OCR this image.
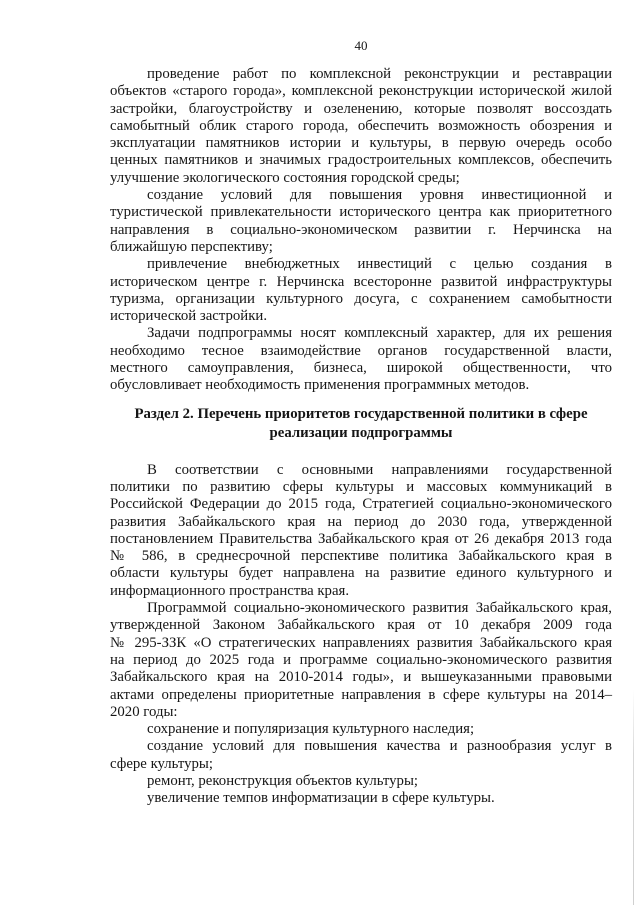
40
проведение работ по комплексной реконструкции и реставрации
объектов «старого города», комплексной реконструкции исторической жилой
застройки, благоустройству и озеленению, которые позволят воссоздать
самобытный облик старого города, обеспечить возможность обозрения и
эксплуатации памятников истории и культуры, в первую очередь особо
ценных памятников и значимых градостроительных комплексов, обеспечить
улучшение экологического состояния городской среды;
создание условий для повышения уровня инвестиционной и
туристической привлекательности исторического центра как приоритетного
направления в социально-экономическом развитии г. Нерчинска на
ближайшую перспективу;
привлечение внебюджетных инвестиций с целью создания в
историческом центре г. Нерчинска всесторонне развитой инфраструктуры
туризма, организации культурного досуга, с сохранением самобытности
исторической застройки.
Задачи подпрограммы носят комплексный характер, для их решения
необходимо тесное взаимодействие органов государственной власти,
местного самоуправления, бизнеса, широкой общественности, что
обусловливает необходимость применения программных методов.
Раздел 2. Перечень приоритетов государственной политики в сфере
реализации подпрограммы
В соответствии с основными направлениями государственной
политики по развитию сферы культуры и массовых коммуникаций в
Российской Федерации до 2015 года, Стратегией социально-экономического
развития Забайкальского края на период до 2030 года, утвержденной
постановлением Правительства Забайкальского края от 26 декабря 2013 года
№ 586, в среднесрочной перспективе политика Забайкальского края в
области культуры будет направлена на развитие единого культурного и
информационного пространства края.
Программой социально-экономического развития Забайкальского края,
утвержденной Законом Забайкальского края от 10 декабря 2009 года
№ 295-ЗЗК «О стратегических направлениях развития Забайкальского края
на период до 2025 года и программе социально-экономического развития
Забайкальского края на 2010-2014 годы», и вышеуказанными правовыми
актами определены приоритетные направления в сфере культуры на 2014–
2020 годы:
сохранение и популяризация культурного наследия;
создание условий для повышения качества и разнообразия услуг в
сфере культуры;
ремонт, реконструкция объектов культуры;
увеличение темпов информатизации в сфере культуры.
